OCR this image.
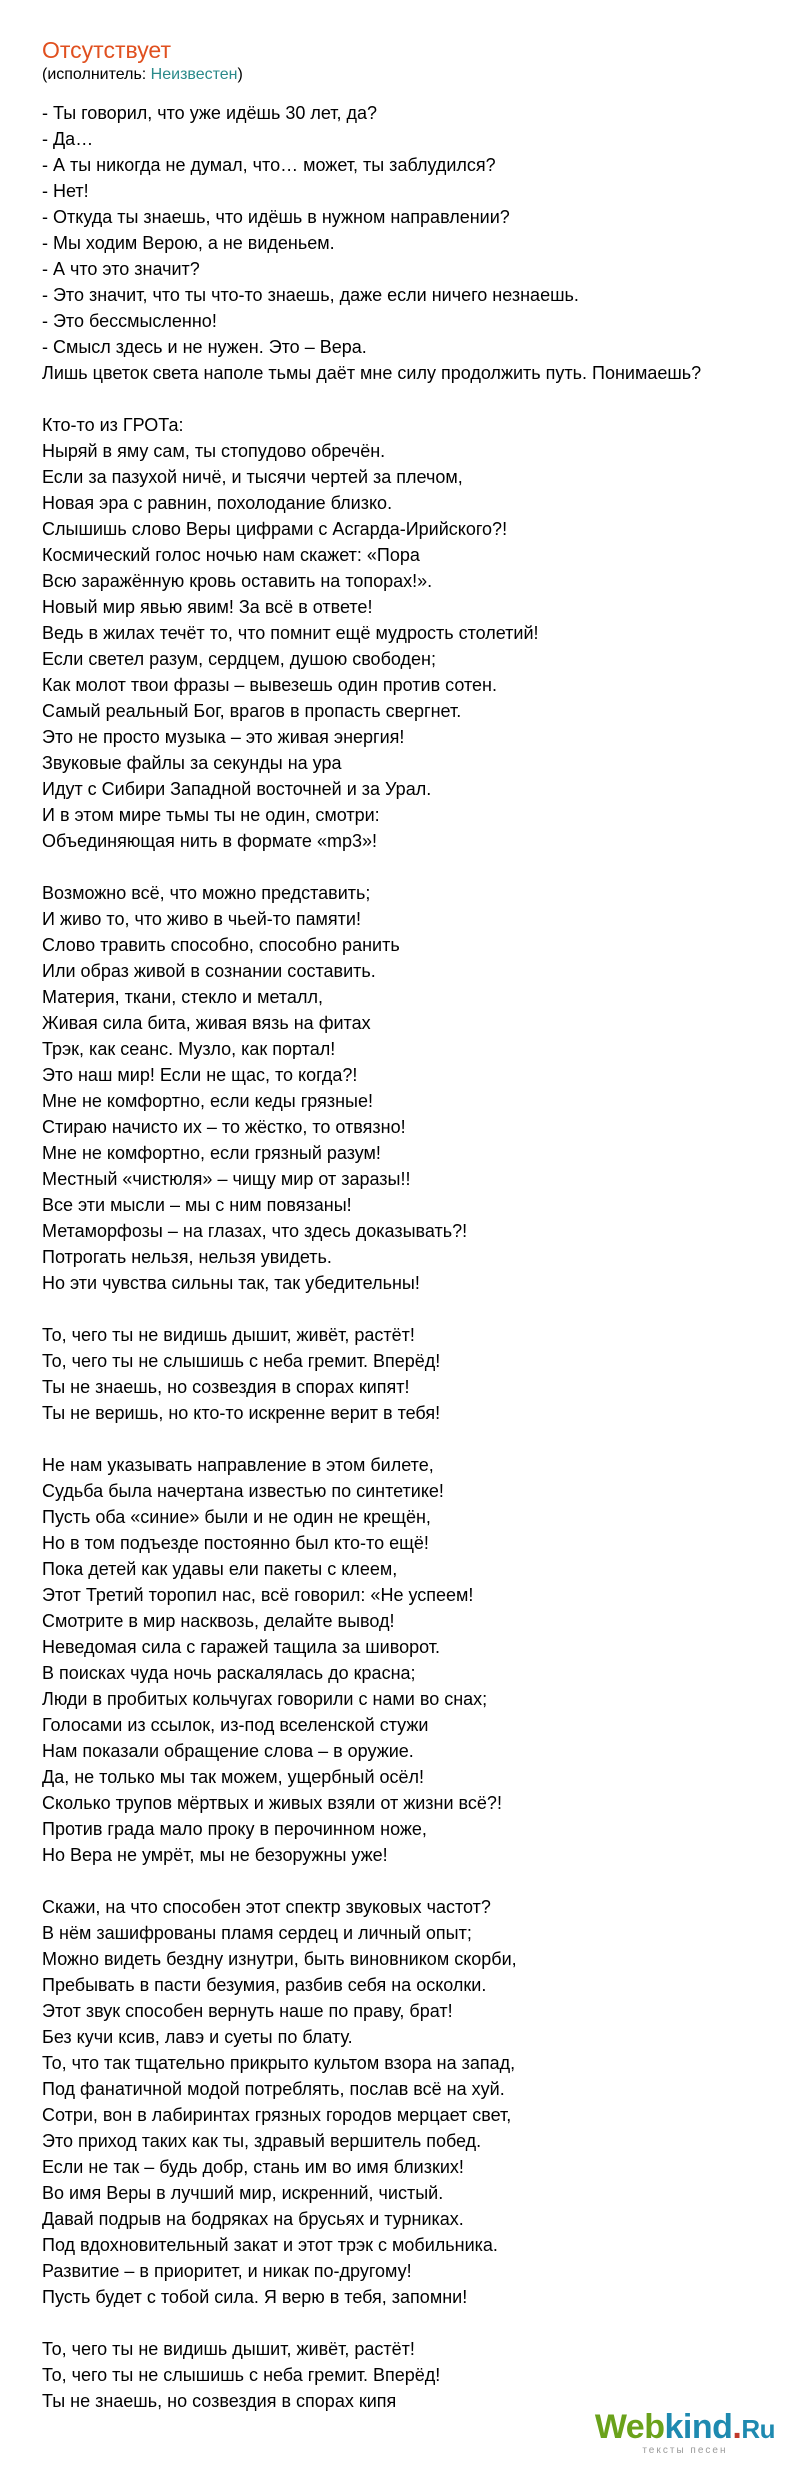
Отсутствует
(исполнитель: Неизвестен)
- Ты говорил, что уже идёшь 30 лет, да?
- Да…
- А ты никогда не думал, что… может, ты заблудился?
- Нет!
- Откуда ты знаешь, что идёшь в нужном направлении?
- Мы ходим Верою, а не виденьем.
- А что это значит?
- Это значит, что ты что-то знаешь, даже если ничего незнаешь.
- Это бессмысленно!
- Смысл здесь и не нужен. Это – Вера.
Лишь цветок света наполе тьмы даёт мне силу продолжить путь. Понимаешь?
Кто-то из ГРОТа:
Ныряй в яму сам, ты стопудово обречён.
Если за пазухой ничё, и тысячи чертей за плечом,
Новая эра с равнин, похолодание близко.
Слышишь слово Веры цифрами с Асгарда-Ирийского?!
Космический голос ночью нам скажет: «Пора
Всю заражённую кровь оставить на топорах!».
Новый мир явью явим! За всё в ответе!
Ведь в жилах течёт то, что помнит ещё мудрость столетий!
Если светел разум, сердцем, душою свободен;
Как молот твои фразы – вывезешь один против сотен.
Самый реальный Бог, врагов в пропасть свергнет.
Это не просто музыка – это живая энергия!
Звуковые файлы за секунды на ура
Идут с Сибири Западной восточней и за Урал.
И в этом мире тьмы ты не один, смотри:
Объединяющая нить в формате «mp3»!
Возможно всё, что можно представить;
И живо то, что живо в чьей-то памяти!
Слово травить способно, способно ранить
Или образ живой в сознании составить.
Материя, ткани, стекло и металл,
Живая сила бита, живая вязь на фитах
Трэк, как сеанс. Музло, как портал!
Это наш мир! Если не щас, то когда?!
Мне не комфортно, если кеды грязные!
Стираю начисто их – то жёстко, то отвязно!
Мне не комфортно, если грязный разум!
Местный «чистюля» – чищу мир от заразы!!
Все эти мысли – мы с ним повязаны!
Метаморфозы – на глазах, что здесь доказывать?!
Потрогать нельзя, нельзя увидеть.
Но эти чувства сильны так, так убедительны!
То, чего ты не видишь дышит, живёт, растёт!
То, чего ты не слышишь с неба гремит. Вперёд!
Ты не знаешь, но созвездия в спорах кипят!
Ты не веришь, но кто-то искренне верит в тебя!
Не нам указывать направление в этом билете,
Судьба была начертана известью по синтетике!
Пусть оба «синие» были и не один не крещён,
Но в том подъезде постоянно был кто-то ещё!
Пока детей как удавы ели пакеты с клеем,
Этот Третий торопил нас, всё говорил: «Не успеем!
Смотрите в мир насквозь, делайте вывод!
Неведомая сила с гаражей тащила за шиворот.
В поисках чуда ночь раскалялась до красна;
Люди в пробитых кольчугах говорили с нами во снах;
Голосами из ссылок, из-под вселенской стужи
Нам показали обращение слова – в оружие.
Да, не только мы так можем, ущербный осёл!
Сколько трупов мёртвых и живых взяли от жизни всё?!
Против града мало проку в перочинном ноже,
Но Вера не умрёт, мы не безоружны уже!
Скажи, на что способен этот спектр звуковых частот?
В нём зашифрованы пламя сердец и личный опыт;
Можно видеть бездну изнутри, быть виновником скорби,
Пребывать в пасти безумия, разбив себя на осколки.
Этот звук способен вернуть наше по праву, брат!
Без кучи ксив, лавэ и суеты по блату.
То, что так тщательно прикрыто культом взора на запад,
Под фанатичной модой потреблять, послав всё на хуй.
Сотри, вон в лабиринтах грязных городов мерцает свет,
Это приход таких как ты, здравый вершитель побед.
Если не так – будь добр, стань им во имя близких!
Во имя Веры в лучший мир, искренний, чистый.
Давай подрыв на бодряках на брусьях и турниках.
Под вдохновительный закат и этот трэк с мобильника.
Развитие – в приоритет, и никак по-другому!
Пусть будет с тобой сила. Я верю в тебя, запомни!
То, чего ты не видишь дышит, живёт, растёт!
То, чего ты не слышишь с неба гремит. Вперёд!
Ты не знаешь, но созвездия в спорах кипя
Webkind.Ru
тексты песен
